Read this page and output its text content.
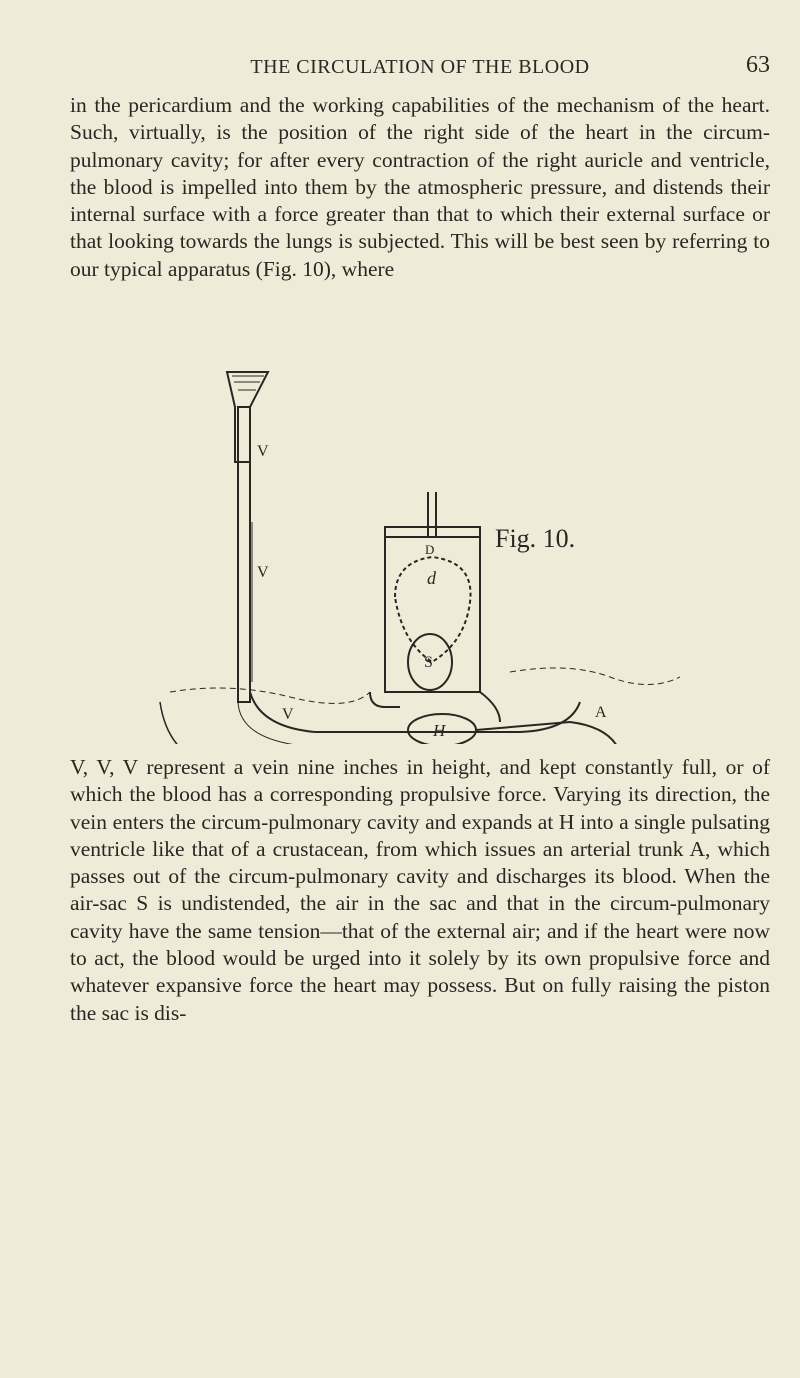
THE CIRCULATION OF THE BLOOD	63

in the pericardium and the working capabilities of the mechanism of the heart. Such, virtually, is the position of the right side of the heart in the circum-pulmonary cavity; for after every contraction of the right auricle and ventricle, the blood is impelled into them by the atmospheric pressure, and distends their internal surface with a force greater than that to which their external surface or that looking towards the lungs is subjected. This will be best seen by referring to our typical apparatus (Fig. 10), where

V
V
V
D
d
S
H
A
Fig. 10.

V, V, V represent a vein nine inches in height, and kept constantly full, or of which the blood has a corresponding propulsive force. Varying its direction, the vein enters the circum-pulmonary cavity and expands at H into a single pulsating ventricle like that of a crustacean, from which issues an arterial trunk A, which passes out of the circum-pulmonary cavity and discharges its blood. When the air-sac S is undistended, the air in the sac and that in the circum-pulmonary cavity have the same tension—that of the external air; and if the heart were now to act, the blood would be urged into it solely by its own propulsive force and whatever expansive force the heart may possess. But on fully raising the piston the sac is dis-
